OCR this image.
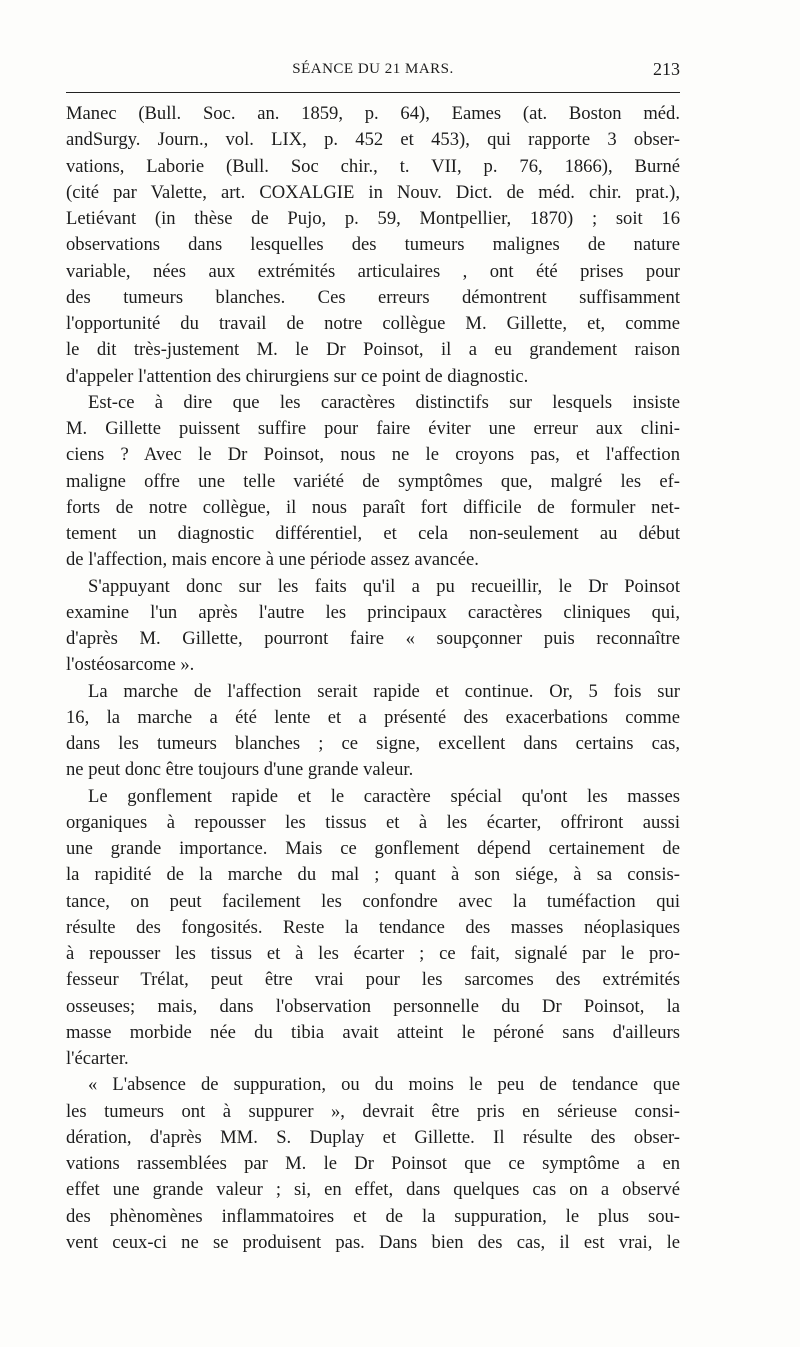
SÉANCE DU 21 MARS.	213
Manec (Bull. Soc. an. 1859, p. 64), Eames (at. Boston méd.
andSurgy. Journ., vol. LIX, p. 452 et 453), qui rapporte 3 obser-
vations, Laborie (Bull. Soc chir., t. VII, p. 76, 1866), Burné
(cité par Valette, art. COXALGIE in Nouv. Dict. de méd. chir. prat.),
Letiévant (in thèse de Pujo, p. 59, Montpellier, 1870) ; soit 16
observations dans lesquelles des tumeurs malignes de nature
variable, nées aux extrémités articulaires , ont été prises pour
des tumeurs blanches. Ces erreurs démontrent suffisamment
l'opportunité du travail de notre collègue M. Gillette, et, comme
le dit très-justement M. le Dr Poinsot, il a eu grandement raison
d'appeler l'attention des chirurgiens sur ce point de diagnostic.
Est-ce à dire que les caractères distinctifs sur lesquels insiste
M. Gillette puissent suffire pour faire éviter une erreur aux clini-
ciens ? Avec le Dr Poinsot, nous ne le croyons pas, et l'affection
maligne offre une telle variété de symptômes que, malgré les ef-
forts de notre collègue, il nous paraît fort difficile de formuler net-
tement un diagnostic différentiel, et cela non-seulement au début
de l'affection, mais encore à une période assez avancée.
S'appuyant donc sur les faits qu'il a pu recueillir, le Dr Poinsot
examine l'un après l'autre les principaux caractères cliniques qui,
d'après M. Gillette, pourront faire « soupçonner puis reconnaître
l'ostéosarcome ».
La marche de l'affection serait rapide et continue. Or, 5 fois sur
16, la marche a été lente et a présenté des exacerbations comme
dans les tumeurs blanches ; ce signe, excellent dans certains cas,
ne peut donc être toujours d'une grande valeur.
Le gonflement rapide et le caractère spécial qu'ont les masses
organiques à repousser les tissus et à les écarter, offriront aussi
une grande importance. Mais ce gonflement dépend certainement de
la rapidité de la marche du mal ; quant à son siége, à sa consis-
tance, on peut facilement les confondre avec la tuméfaction qui
résulte des fongosités. Reste la tendance des masses néoplasiques
à repousser les tissus et à les écarter ; ce fait, signalé par le pro-
fesseur Trélat, peut être vrai pour les sarcomes des extrémités
osseuses; mais, dans l'observation personnelle du Dr Poinsot, la
masse morbide née du tibia avait atteint le péroné sans d'ailleurs
l'écarter.
« L'absence de suppuration, ou du moins le peu de tendance que
les tumeurs ont à suppurer », devrait être pris en sérieuse consi-
dération, d'après MM. S. Duplay et Gillette. Il résulte des obser-
vations rassemblées par M. le Dr Poinsot que ce symptôme a en
effet une grande valeur ; si, en effet, dans quelques cas on a observé
des phènomènes inflammatoires et de la suppuration, le plus sou-
vent ceux-ci ne se produisent pas. Dans bien des cas, il est vrai, le
